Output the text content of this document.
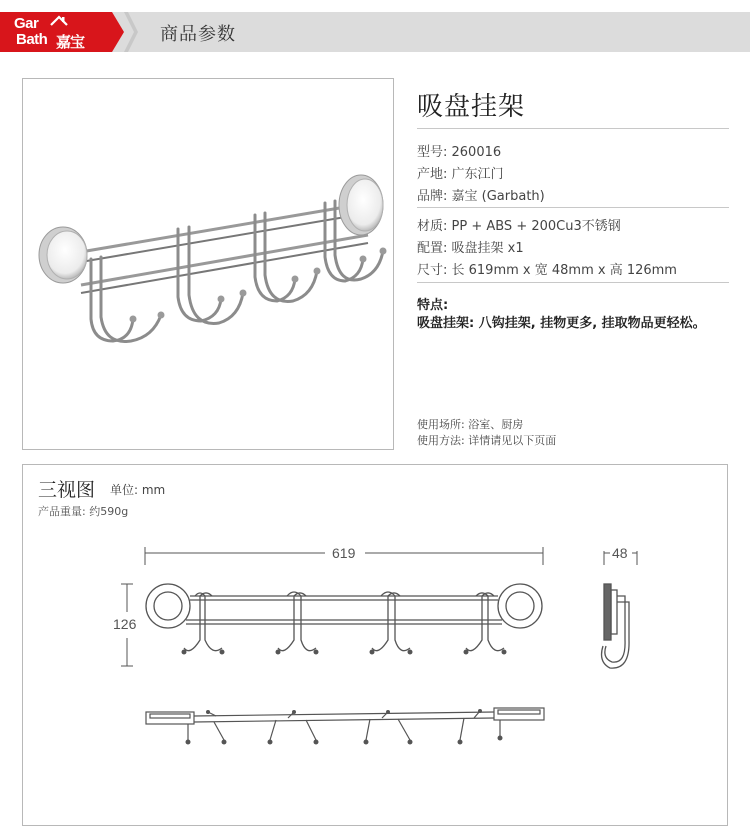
Gar
Bath 嘉宝	商品参数
吸盘挂架
型号: 260016
产地: 广东江门
品牌: 嘉宝 (Garbath)
材质: PP + ABS + 200Cu3不锈钢
配置: 吸盘挂架 x1
尺寸: 长 619mm x 宽 48mm x 高 126mm
特点:
吸盘挂架: 八钩挂架, 挂物更多, 挂取物品更轻松。
使用场所: 浴室、厨房
使用方法: 详情请见以下页面
三视图 单位: mm
产品重量: 约590g
619	48
126
